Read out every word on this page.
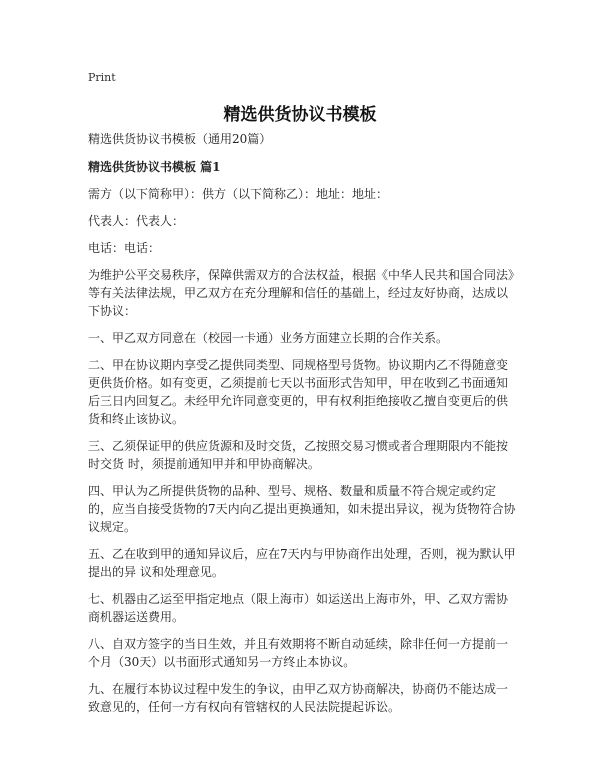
Print
精选供货协议书模板

精选供货协议书模板（通用20篇）

精选供货协议书模板 篇1

需方（以下简称甲）：供方（以下简称乙）：地址：地址：

代表人：代表人：

电话：电话：

为维护公平交易秩序，保障供需双方的合法权益，根据《中华人民共和国合同法》等有关法律法规，甲乙双方在充分理解和信任的基础上，经过友好协商，达成以下协议：

一、甲乙双方同意在（校园一卡通）业务方面建立长期的合作关系。

二、甲在协议期内享受乙提供同类型、同规格型号货物。协议期内乙不得随意变更供货价格。如有变更，乙须提前七天以书面形式告知甲，甲在收到乙书面通知后三日内回复乙。未经甲允许同意变更的，甲有权利拒绝接收乙擅自变更后的供货和终止该协议。

三、乙须保证甲的供应货源和及时交货，乙按照交易习惯或者合理期限内不能按时交货 时，须提前通知甲并和甲协商解决。

四、甲认为乙所提供货物的品种、型号、规格、数量和质量不符合规定或约定的，应当自接受货物的7天内向乙提出更换通知，如未提出异议，视为货物符合协议规定。

五、乙在收到甲的通知异议后，应在7天内与甲协商作出处理，否则，视为默认甲提出的异 议和处理意见。

七、机器由乙运至甲指定地点（限上海市）如运送出上海市外，甲、乙双方需协商机器运送费用。

八、自双方签字的当日生效，并且有效期将不断自动延续，除非任何一方提前一个月（30天）以书面形式通知另一方终止本协议。

九、在履行本协议过程中发生的争议，由甲乙双方协商解决，协商仍不能达成一致意见的，任何一方有权向有管辖权的人民法院提起诉讼。
